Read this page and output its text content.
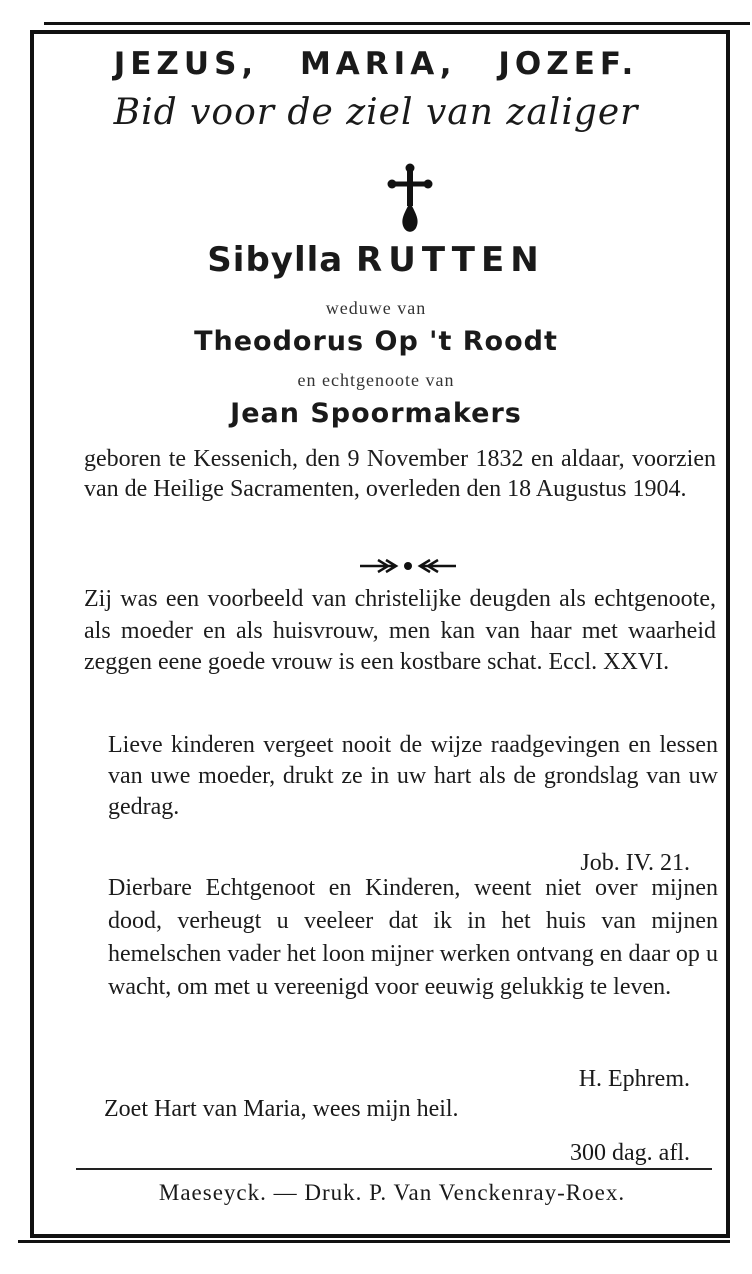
JEZUS, MARIA, JOZEF.
Bid voor de ziel van zaliger
Sibylla RUTTEN
weduwe van
Theodorus Op 't Roodt
en echtgenoote van
Jean Spoormakers
geboren te Kessenich, den 9 November 1832 en aldaar, voorzien van de Heilige Sacramenten, overleden den 18 Augustus 1904.
Zij was een voorbeeld van christelijke deugden als echtgenoote, als moeder en als huisvrouw, men kan van haar met waarheid zeggen eene goede vrouw is een kostbare schat. Eccl. XXVI.
Lieve kinderen vergeet nooit de wijze raadgevingen en lessen van uwe moeder, drukt ze in uw hart als de grondslag van uw gedrag.
Job. IV. 21.
Dierbare Echtgenoot en Kinderen, weent niet over mijnen dood, verheugt u veeleer dat ik in het huis van mijnen hemelschen vader het loon mijner werken ontvang en daar op u wacht, om met u vereenigd voor eeuwig gelukkig te leven.
H. Ephrem.
Zoet Hart van Maria, wees mijn heil.
300 dag. afl.
Maeseyck. — Druk. P. Van Venckenray-Roex.
